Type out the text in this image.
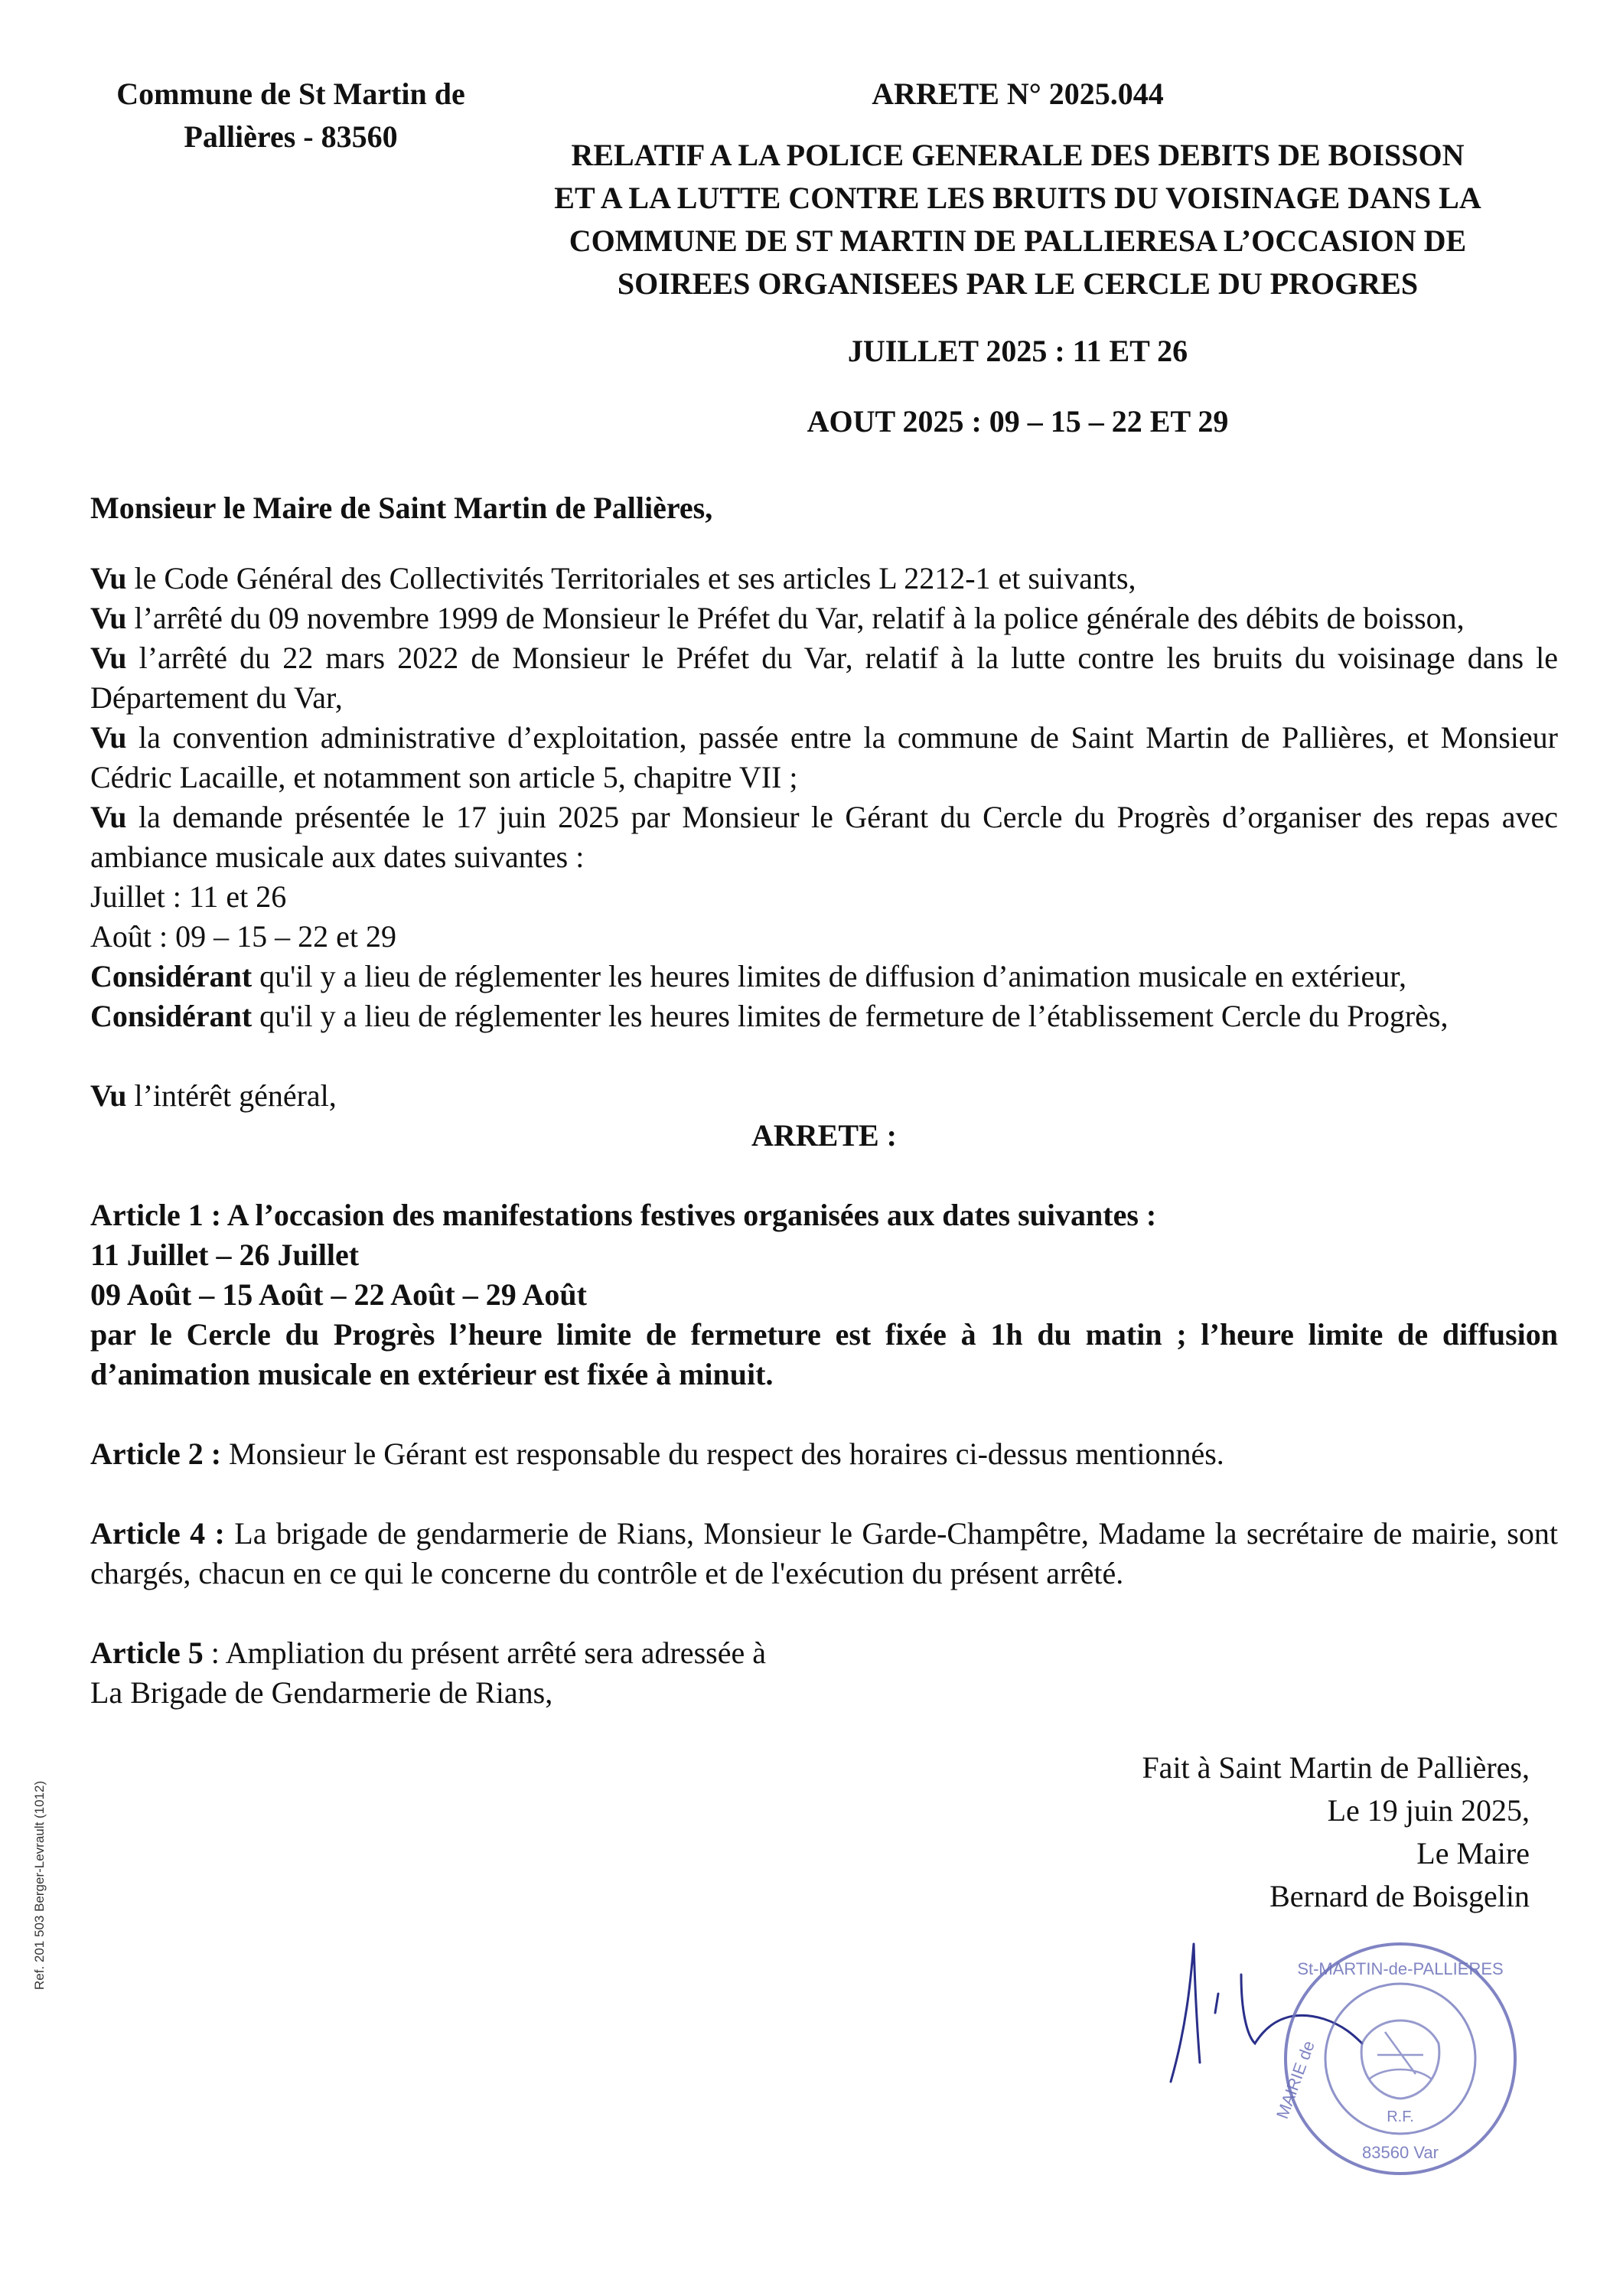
Commune de St Martin de Pallières - 83560
ARRETE N° 2025.044
RELATIF A LA POLICE GENERALE DES DEBITS DE BOISSON
ET A LA LUTTE CONTRE LES BRUITS DU VOISINAGE DANS LA
COMMUNE DE ST MARTIN DE PALLIERESA L’OCCASION DE
SOIREES ORGANISEES PAR LE CERCLE DU PROGRES
JUILLET 2025 : 11 ET 26
AOUT 2025 : 09 – 15 – 22 ET 29
Monsieur le Maire de Saint Martin de Pallières,

Vu le Code Général des Collectivités Territoriales et ses articles L 2212-1 et suivants,

Vu l’arrêté du 09 novembre 1999 de Monsieur le Préfet du Var, relatif à la police générale des débits de boisson,

Vu l’arrêté du 22 mars 2022 de Monsieur le Préfet du Var, relatif à la lutte contre les bruits du voisinage dans le Département du Var,

Vu la convention administrative d’exploitation, passée entre la commune de Saint Martin de Pallières, et Monsieur Cédric Lacaille, et notamment son article 5, chapitre VII ;

Vu la demande présentée le 17 juin 2025 par Monsieur le Gérant du Cercle du Progrès d’organiser des repas avec ambiance musicale aux dates suivantes :

Juillet : 11 et 26

Août : 09 – 15 – 22 et 29

Considérant qu'il y a lieu de réglementer les heures limites de diffusion d’animation musicale en extérieur,

Considérant qu'il y a lieu de réglementer les heures limites de fermeture de l’établissement Cercle du Progrès,

Vu l’intérêt général,

ARRETE :

Article 1 : A l’occasion des manifestations festives organisées aux dates suivantes :

11 Juillet – 26 Juillet

09 Août – 15 Août – 22 Août – 29 Août

par le Cercle du Progrès l’heure limite de fermeture est fixée à 1h du matin ; l’heure limite de diffusion d’animation musicale en extérieur est fixée à minuit.

Article 2 : Monsieur le Gérant est responsable du respect des horaires ci-dessus mentionnés.

Article 4 : La brigade de gendarmerie de Rians, Monsieur le Garde-Champêtre, Madame la secrétaire de mairie, sont chargés, chacun en ce qui le concerne du contrôle et de l'exécution du présent arrêté.

Article 5 : Ampliation du présent arrêté sera adressée à

La Brigade de Gendarmerie de Rians,

Fait à Saint Martin de Pallières,
Le 19 juin 2025,
Le Maire
Bernard de Boisgelin
R.F.
83560 Var
St-MARTIN-de-PALLIERES
MAIRIE de
Ref. 201 503 Berger-Levrault (1012)
